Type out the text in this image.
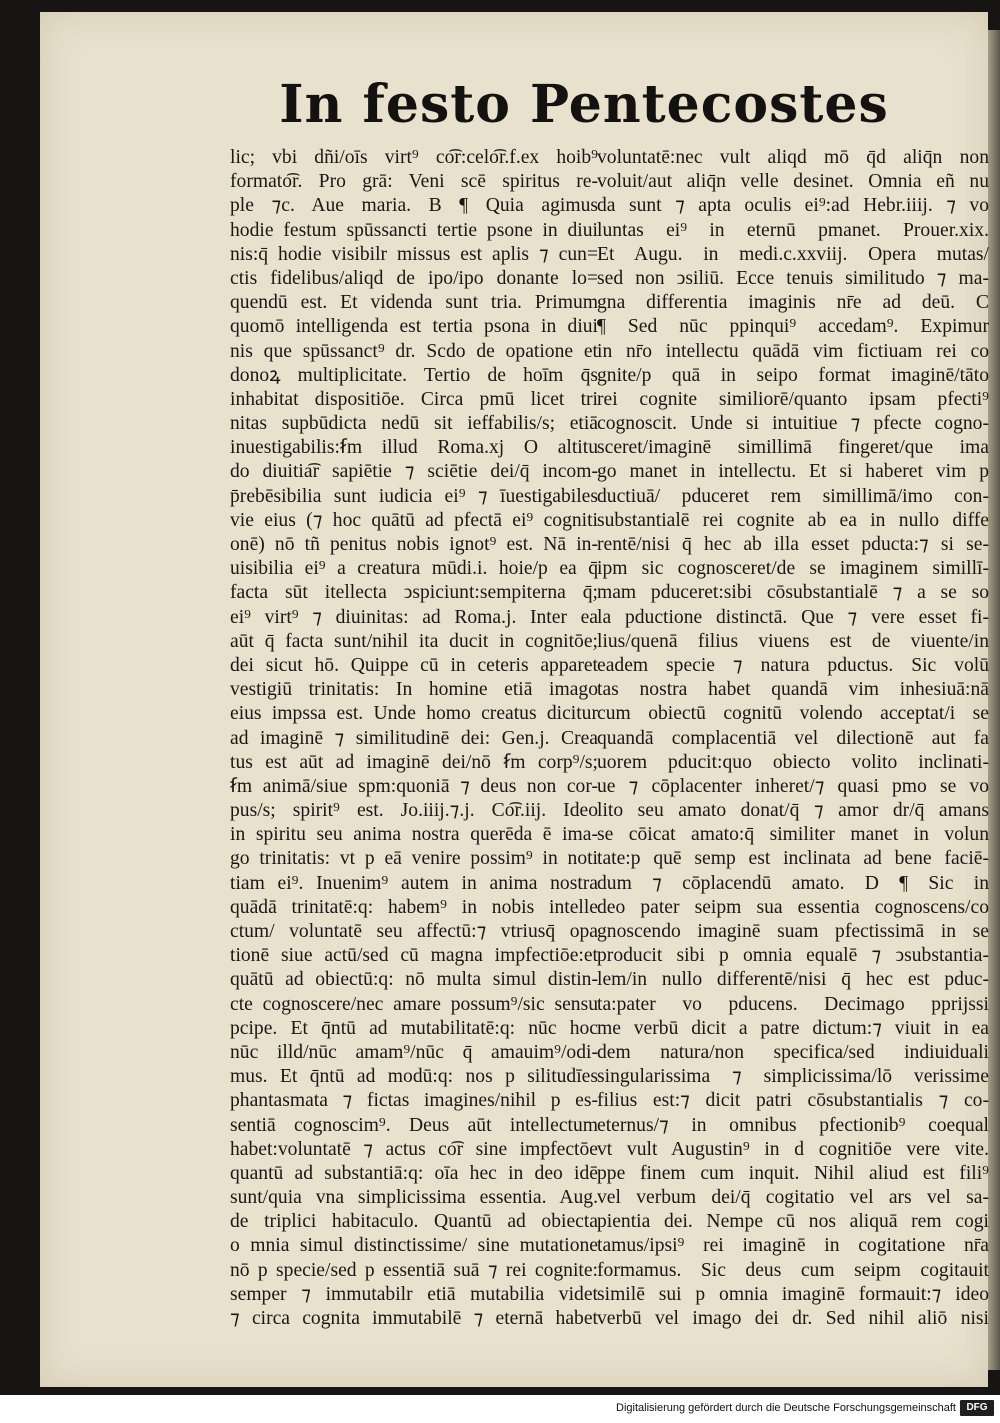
In festo Pentecostes
lic; vbi dñi/oīs virt⁹ co͡r:celo͡r.f.ex hoib⁹
formato͡r. Pro grā: Veni scē spiritus re-
ple ⁊c. Aue maria. B ¶ Quia agimus
hodie festum spūssancti tertie psone in diui
nis:q̄ hodie visibilr missus est aplis ⁊ cun=
ctis fidelibus/aliqd de ipo/ipo donante lo=
quendū est. Et videnda sunt tria. Primum
quomō intelligenda est tertia psona in diui
nis que spūssanct⁹ dr. Scdo de opatione et
donoꝝ multiplicitate. Tertio de hoīm q̄s
inhabitat dispositiōe. Circa pmū licet tri
nitas supbūdicta nedū sit ieffabilis/s; etiā
inuestigabilis:ẜm illud Roma.xj O altitu
do diuitia͡r sapiētie ⁊ sciētie dei/q̄ incom-
p̄rebēsibilia sunt iudicia ei⁹ ⁊ īuestigabiles
vie eius (⁊ hoc quātū ad pfectā ei⁹ cogniti
onē) nō tñ penitus nobis ignot⁹ est. Nā in-
uisibilia ei⁹ a creatura mūdi.i. hoie/p ea q̄
facta sūt itellecta ↄspiciunt:sempiterna q̄;
ei⁹ virt⁹ ⁊ diuinitas: ad Roma.j. Inter ea
aūt q̄ facta sunt/nihil ita ducit in cognitōe;
dei sicut hō. Quippe cū in ceteris apparet
vestigiū trinitatis: In homine etiā imago
eius impssa est. Unde homo creatus dicitur
ad imaginē ⁊ similitudinē dei: Gen.j. Crea
tus est aūt ad imaginē dei/nō ẜm corp⁹/s;
ẜm animā/siue spm:quoniā ⁊ deus non cor-
pus/s; spirit⁹ est. Jo.iiij.⁊.j. Co͡r.iij. Ideo
in spiritu seu anima nostra querēda ē ima-
go trinitatis: vt p eā venire possim⁹ in noti
tiam ei⁹. Inuenim⁹ autem in anima nostra
quādā trinitatē:q: habem⁹ in nobis intelle
ctum/ voluntatē seu affectū:⁊ vtriusq̄ opa
tionē siue actū/sed cū magna impfectiōe:et
quātū ad obiectū:q: nō multa simul distin-
cte cognoscere/nec amare possum⁹/sic sensu
pcipe. Et q̄ntū ad mutabilitatē:q: nūc hoc
nūc illd/nūc amam⁹/nūc q̄ amauim⁹/odi-
mus. Et q̄ntū ad modū:q: nos p silitudīes
phantasmata ⁊ fictas imagines/nihil p es-
sentiā cognoscim⁹. Deus aūt intellectum
habet:voluntatē ⁊ actus co͡r sine impfectōe
quantū ad substantiā:q: oīa hec in deo idē
sunt/quia vna simplicissima essentia. Aug.
de triplici habitaculo. Quantū ad obiecta
o mnia simul distinctissime/ sine mutatione
nō p specie/sed p essentiā suā ⁊ rei cognite:
semper ⁊ immutabilr etiā mutabilia videt
⁊ circa cognita immutabilē ⁊ eternā habet
voluntatē:nec vult aliqd mō q̄d aliq̄n non
voluit/aut aliq̄n velle desinet. Omnia eñ nu
da sunt ⁊ apta oculis ei⁹:ad Hebr.iiij. ⁊ vo
luntas ei⁹ in eternū pmanet. Prouer.xix.
Et Augu. in medi.c.xxviij. Opera mutas/
sed non ↄsiliū. Ecce tenuis similitudo ⁊ ma-
gna differentia imaginis nr̄e ad deū. C
¶ Sed nūc ppinqui⁹ accedam⁹. Expimur
in nr̄o intellectu quādā vim fictiuam rei co
gnite/p quā in seipo format imaginē/tāto
rei cognite similiorē/quanto ipsam pfecti⁹
cognoscit. Unde si intuitiue ⁊ pfecte cogno-
sceret/imaginē simillimā fingeret/que ima
go manet in intellectu. Et si haberet vim p
ductiuā/ pduceret rem simillimā/imo con-
substantialē rei cognite ab ea in nullo diffe
rentē/nisi q̄ hec ab illa esset pducta:⁊ si se-
ipm sic cognosceret/de se imaginem simillī-
mam pduceret:sibi cōsubstantialē ⁊ a se so
la pductione distinctā. Que ⁊ vere esset fi-
lius/quenā filius viuens est de viuente/in
eadem specie ⁊ natura pductus. Sic volū
tas nostra habet quandā vim inhesiuā:nā
cum obiectū cognitū volendo acceptat/i se
quandā complacentiā vel dilectionē aut fa
uorem pducit:quo obiecto volito inclinati-
ue ⁊ cōplacenter inheret/⁊ quasi pmo se vo
lito seu amato donat/q̄ ⁊ amor dr/q̄ amans
se cōicat amato:q̄ similiter manet in volun
tate:p quē semp est inclinata ad bene faciē-
dum ⁊ cōplacendū amato. D ¶ Sic in
deo pater seipm sua essentia cognoscens/co
gnoscendo imaginē suam pfectissimā in se
producit sibi p omnia equalē ⁊ ↄsubstantia-
lem/in nullo differentē/nisi q̄ hec est pduc-
ta:pater vo pducens. Decimago pprijssi
me verbū dicit a patre dictum:⁊ viuit in ea
dem natura/non specifica/sed indiuiduali
singularissima ⁊ simplicissima/lō verissime
filius est:⁊ dicit patri cōsubstantialis ⁊ co-
eternus/⁊ in omnibus pfectionib⁹ coequal
vt vult Augustin⁹ in d cognitiōe vere vite.
ppe finem cum inquit. Nihil aliud est fili⁹
vel verbum dei/q̄ cogitatio vel ars vel sa-
pientia dei. Nempe cū nos aliquā rem cogi
tamus/ipsi⁹ rei imaginē in cogitatione nr̄a
formamus. Sic deus cum seipm cogitauit
similē sui p omnia imaginē formauit:⁊ ideo
verbū vel imago dei dr. Sed nihil aliō nisi
Digitalisierung gefördert durch die Deutsche Forschungsgemeinschaft	DFG
